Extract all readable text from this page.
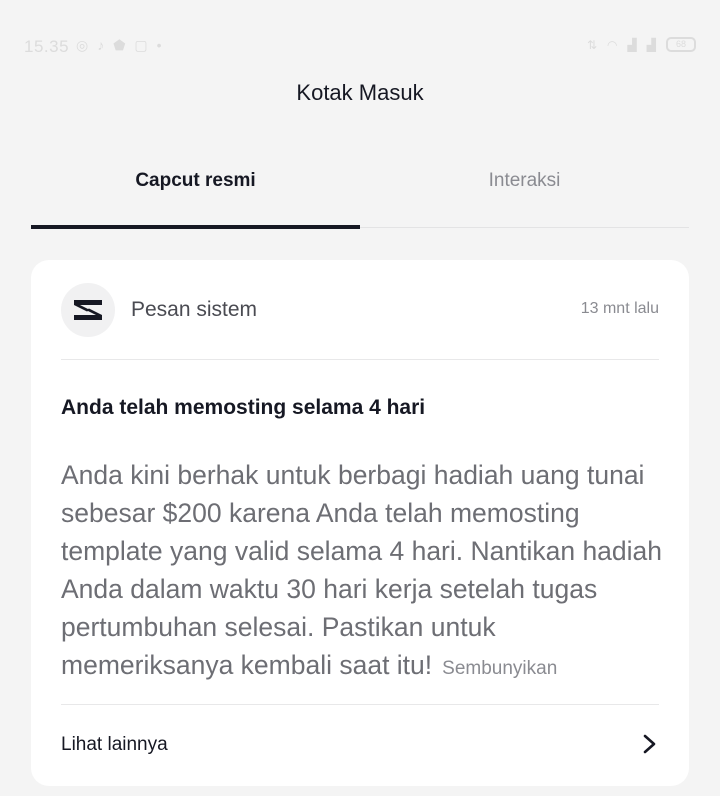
15.35 ◎ ♪ ⬟ ▢ •	⇅ ◠ ▟ ▟	68
Kotak Masuk
Capcut resmi	Interaksi
Pesan sistem	13 mnt lalu
Anda telah memosting selama 4 hari
Anda kini berhak untuk berbagi hadiah uang tunai sebesar $200 karena Anda telah memosting template yang valid selama 4 hari. Nantikan hadiah Anda dalam waktu 30 hari kerja setelah tugas pertumbuhan selesai. Pastikan untuk memeriksanya kembali saat itu! Sembunyikan
Lihat lainnya
